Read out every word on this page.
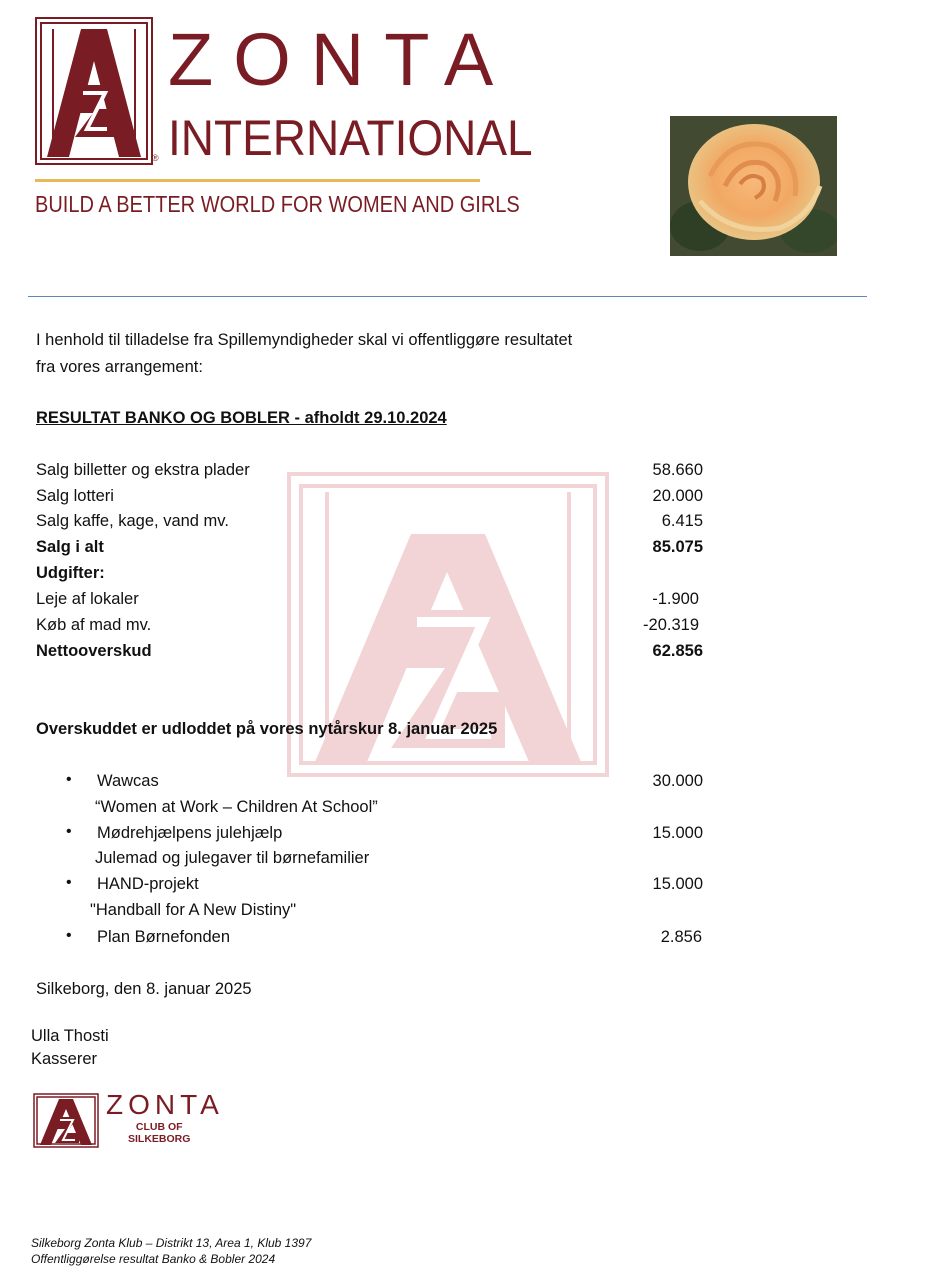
®
ZONTA
INTERNATIONAL
BUILD A BETTER WORLD FOR WOMEN AND GIRLS
I henhold til tilladelse fra Spillemyndigheder skal vi offentliggøre resultatet
fra vores arrangement:
RESULTAT BANKO OG BOBLER - afholdt 29.10.2024
Salg billetter og ekstra plader	58.660
Salg lotteri	20.000
Salg kaffe, kage, vand mv.	6.415
Salg i alt	85.075
Udgifter:
Leje af lokaler	-1.900
Køb af mad mv.	-20.319
Nettooverskud	62.856
Overskuddet er udloddet på vores nytårskur 8. januar 2025
• Wawcas	30.000
“Women at Work – Children At School”
• Mødrehjælpens julehjælp	15.000
Julemad og julegaver til børnefamilier
• HAND-projekt	15.000
"Handball for A New Distiny"
• Plan Børnefonden	2.856
Silkeborg, den 8. januar 2025
Ulla Thosti
Kasserer
ZONTA
CLUB OF
SILKEBORG
Silkeborg Zonta Klub – Distrikt 13, Area 1, Klub 1397
Offentliggørelse resultat Banko & Bobler 2024
